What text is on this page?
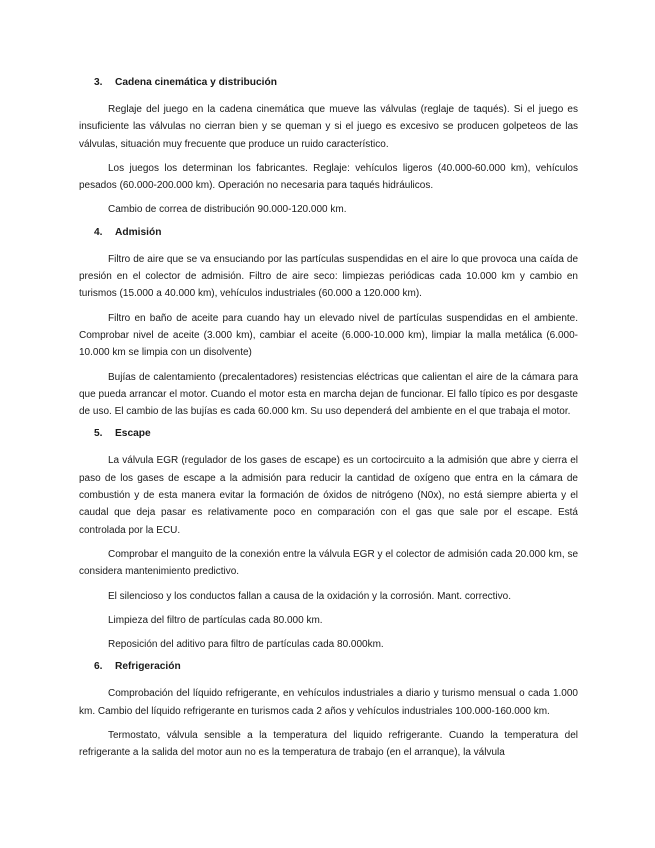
3. Cadena cinemática y distribución

Reglaje del juego en la cadena cinemática que mueve las válvulas (reglaje de taqués). Si el juego es insuficiente las válvulas no cierran bien y se queman y si el juego es excesivo se producen golpeteos de las válvulas, situación muy frecuente que produce un ruido característico.

Los juegos los determinan los fabricantes. Reglaje: vehículos ligeros (40.000-60.000 km), vehículos pesados (60.000-200.000 km). Operación no necesaria para taqués hidráulicos.

Cambio de correa de distribución 90.000-120.000 km.

4. Admisión

Filtro de aire que se va ensuciando por las partículas suspendidas en el aire lo que provoca una caída de presión en el colector de admisión. Filtro de aire seco: limpiezas periódicas cada 10.000 km y cambio en turismos (15.000 a 40.000 km), vehículos industriales (60.000 a 120.000 km).

Filtro en baño de aceite para cuando hay un elevado nivel de partículas suspendidas en el ambiente. Comprobar nivel de aceite (3.000 km), cambiar el aceite (6.000-10.000 km), limpiar la malla metálica (6.000-10.000 km se limpia con un disolvente)

Bujías de calentamiento (precalentadores) resistencias eléctricas que calientan el aire de la cámara para que pueda arrancar el motor. Cuando el motor esta en marcha dejan de funcionar. El fallo típico es por desgaste de uso. El cambio de las bujías es cada 60.000 km. Su uso dependerá del ambiente en el que trabaja el motor.

5. Escape

La válvula EGR (regulador de los gases de escape) es un cortocircuito a la admisión que abre y cierra el paso de los gases de escape a la admisión para reducir la cantidad de oxígeno que entra en la cámara de combustión y de esta manera evitar la formación de óxidos de nitrógeno (N0x), no está siempre abierta y el caudal que deja pasar es relativamente poco en comparación con el gas que sale por el escape. Está controlada por la ECU.

Comprobar el manguito de la conexión entre la válvula EGR y el colector de admisión cada 20.000 km, se considera mantenimiento predictivo.

El silencioso y los conductos fallan a causa de la oxidación y la corrosión. Mant. correctivo.

Limpieza del filtro de partículas cada 80.000 km.

Reposición del aditivo para filtro de partículas cada 80.000km.

6. Refrigeración

Comprobación del líquido refrigerante, en vehículos industriales a diario y turismo mensual o cada 1.000 km. Cambio del líquido refrigerante en turismos cada 2 años y vehículos industriales 100.000-160.000 km.

Termostato, válvula sensible a la temperatura del liquido refrigerante. Cuando la temperatura del refrigerante a la salida del motor aun no es la temperatura de trabajo (en el arranque), la válvula
